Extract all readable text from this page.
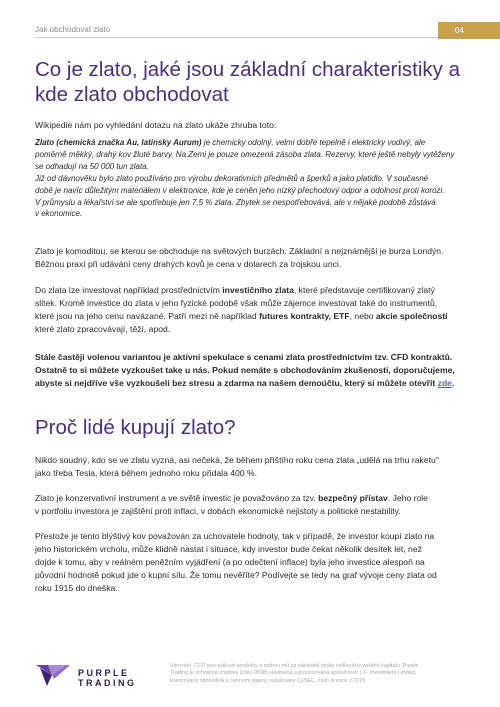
Jak obchodovat zlato	04
Co je zlato, jaké jsou základní charakteristiky a kde zlato obchodovat
Wikipedie nám po vyhledání dotazu na zlato ukáže zhruba toto:
Zlato (chemická značka Au, latinsky Aurum) je chemicky odolný, velmi dobře tepelně i elektricky vodivý, ale
poměrně měkký, drahý kov žluté barvy. Na Zemi je pouze omezená zásoba zlata. Rezervy, které ještě nebyly vytěženy
se odhadují na 50 000 tun zlata.
Již od dávnověku bylo zlato používáno pro výrobu dekorativních předmětů a šperků a jako platidlo. V současné
době je navíc důležitým materiálem v elektronice, kde je ceněn jeho nízký přechodový odpor a odolnost proti korozi.
V průmyslu a lékařství se ale spotřebuje jen 7,5 % zlata. Zbytek se nespotřebovává, ale v nějaké podobě zůstává
v ekonomice.
Zlato je komoditou, se kterou se obchoduje na světových burzách. Základní a nejznámější je burza Londýn.
Běžnou praxí při udávání ceny drahých kovů je cena v dolarech za trojskou unci.
Do zlata lze investovat například prostřednictvím investičního zlata, které představuje certifikovaný zlatý
slitek. Kromě investice do zlata v jeho fyzické podobě však může zájemce investovat také do instrumentů,
které jsou na jeho cenu navázané. Patří mezi ně například futures kontrakty, ETF, nebo akcie společností
které zlato zpracovávají, těží, apod.
Stále častěji volenou variantou je aktivní spekulace s cenami zlata prostřednictvím tzv. CFD kontraktů.
Ostatně to si můžete vyzkoušet take u nás. Pokud nemáte s obchodováním zkušenosti, doporučujeme,
abyste si nejdříve vše vyzkoušeli bez stresu a zdarma na našem demoúčtu, který si můžete otevřít zde.
Proč lidé kupují zlato?
Nikdo soudný, kdo se ve zlatu vyzná, asi nečeká, že během příštího roku cena zlata „udělá na trhu raketu"
jako třeba Tesla, která během jednoho roku přidala 400 %.
Zlato je konzervativní instrument a ve světě investic je považováno za tzv. bezpečný přístav. Jeho role
v portfoliu investora je zajištění proti inflaci, v dobách ekonomické nejistoty a politické nestability.
Přestože je tento blýštivý kov považován za uchovatele hodnoty, tak v případě, že investor koupí zlato na
jeho historickém vrcholu, může klidně nastat i situace, kdy investor bude čekat několik desítek let, než
dojde k tomu, aby v reálném peněžním vyjádření (a po odečtení inflace) byla jeho investice alespoň na
původní hodnotě pokud jde o kupní sílu. Že tomu nevěříte? Podívejte se tedy na graf vývoje ceny zlata od
roku 1915 do dneška.
PURPLE
TRADING
Varování: CFD jsou pákové produkty a mohou mít za následek ztrátu veškerého vašeho kapitálu. Purple
Trading je ochranná známka (číslo 0598) vlastněná a provozovaná společností L.F. Investment Limited,
licencovaný obchodník s cennými papíry, regulovaný CySEC, číslo licence 271/15.
